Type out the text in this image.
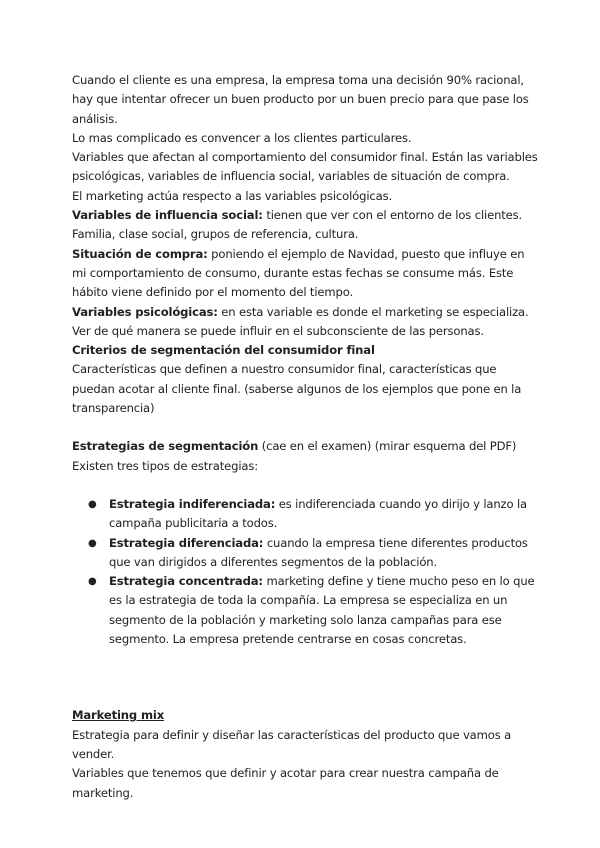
Cuando el cliente es una empresa, la empresa toma una decisión 90% racional, hay que intentar ofrecer un buen producto por un buen precio para que pase los análisis.

Lo mas complicado es convencer a los clientes particulares.

Variables que afectan al comportamiento del consumidor final. Están las variables psicológicas, variables de influencia social, variables de situación de compra.

El marketing actúa respecto a las variables psicológicas.

Variables de influencia social: tienen que ver con el entorno de los clientes. Familia, clase social, grupos de referencia, cultura.

Situación de compra: poniendo el ejemplo de Navidad, puesto que influye en mi comportamiento de consumo, durante estas fechas se consume más. Este hábito viene definido por el momento del tiempo.

Variables psicológicas: en esta variable es donde el marketing se especializa. Ver de qué manera se puede influir en el subconsciente de las personas.

Criterios de segmentación del consumidor final

Características que definen a nuestro consumidor final, características que puedan acotar al cliente final. (saberse algunos de los ejemplos que pone en la transparencia)

Estrategias de segmentación (cae en el examen) (mirar esquema del PDF)

Existen tres tipos de estrategias:

● Estrategia indiferenciada: es indiferenciada cuando yo dirijo y lanzo la campaña publicitaria a todos.
● Estrategia diferenciada: cuando la empresa tiene diferentes productos que van dirigidos a diferentes segmentos de la población.
● Estrategia concentrada: marketing define y tiene mucho peso en lo que es la estrategia de toda la compañía. La empresa se especializa en un segmento de la población y marketing solo lanza campañas para ese segmento. La empresa pretende centrarse en cosas concretas.

Marketing mix

Estrategia para definir y diseñar las características del producto que vamos a vender.

Variables que tenemos que definir y acotar para crear nuestra campaña de marketing.
